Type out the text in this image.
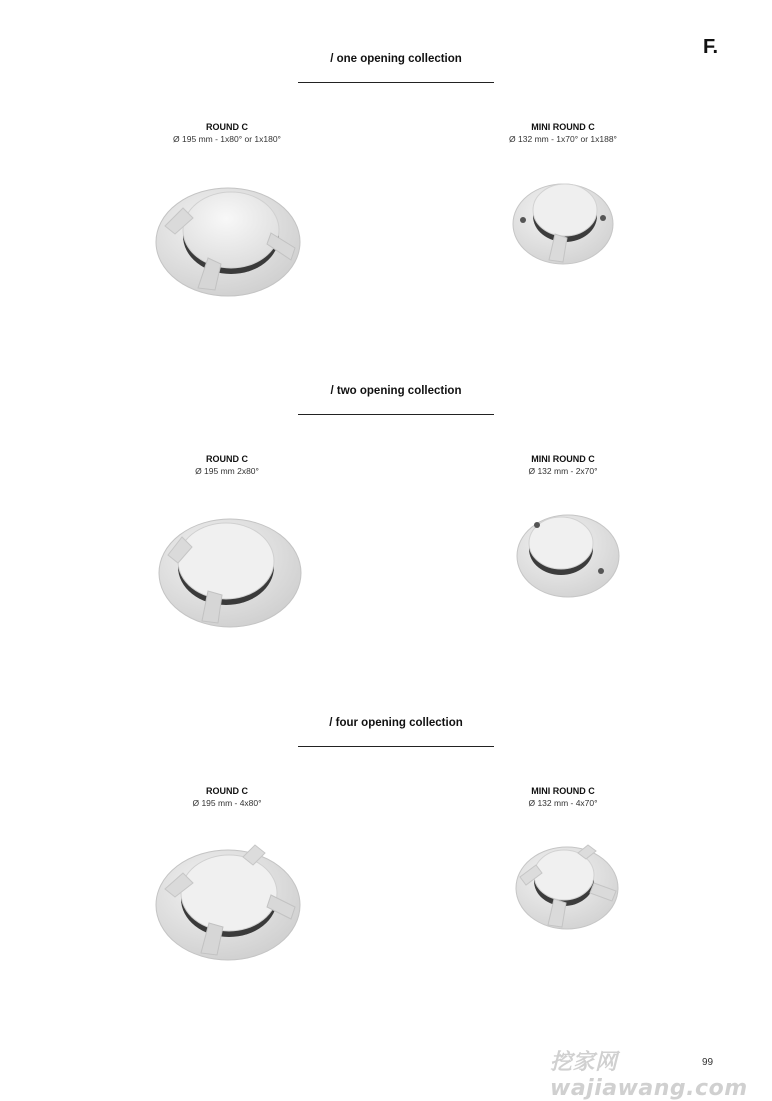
F.
/ one opening collection
ROUND C
Ø 195 mm - 1x80° or 1x180°
MINI ROUND C
Ø 132 mm - 1x70° or 1x188°
/ two opening collection
ROUND C
Ø 195 mm 2x80°
MINI ROUND C
Ø 132 mm - 2x70°
/ four opening collection
ROUND C
Ø 195 mm - 4x80°
MINI ROUND C
Ø 132 mm - 4x70°
挖家网 wajiawang.com
99
